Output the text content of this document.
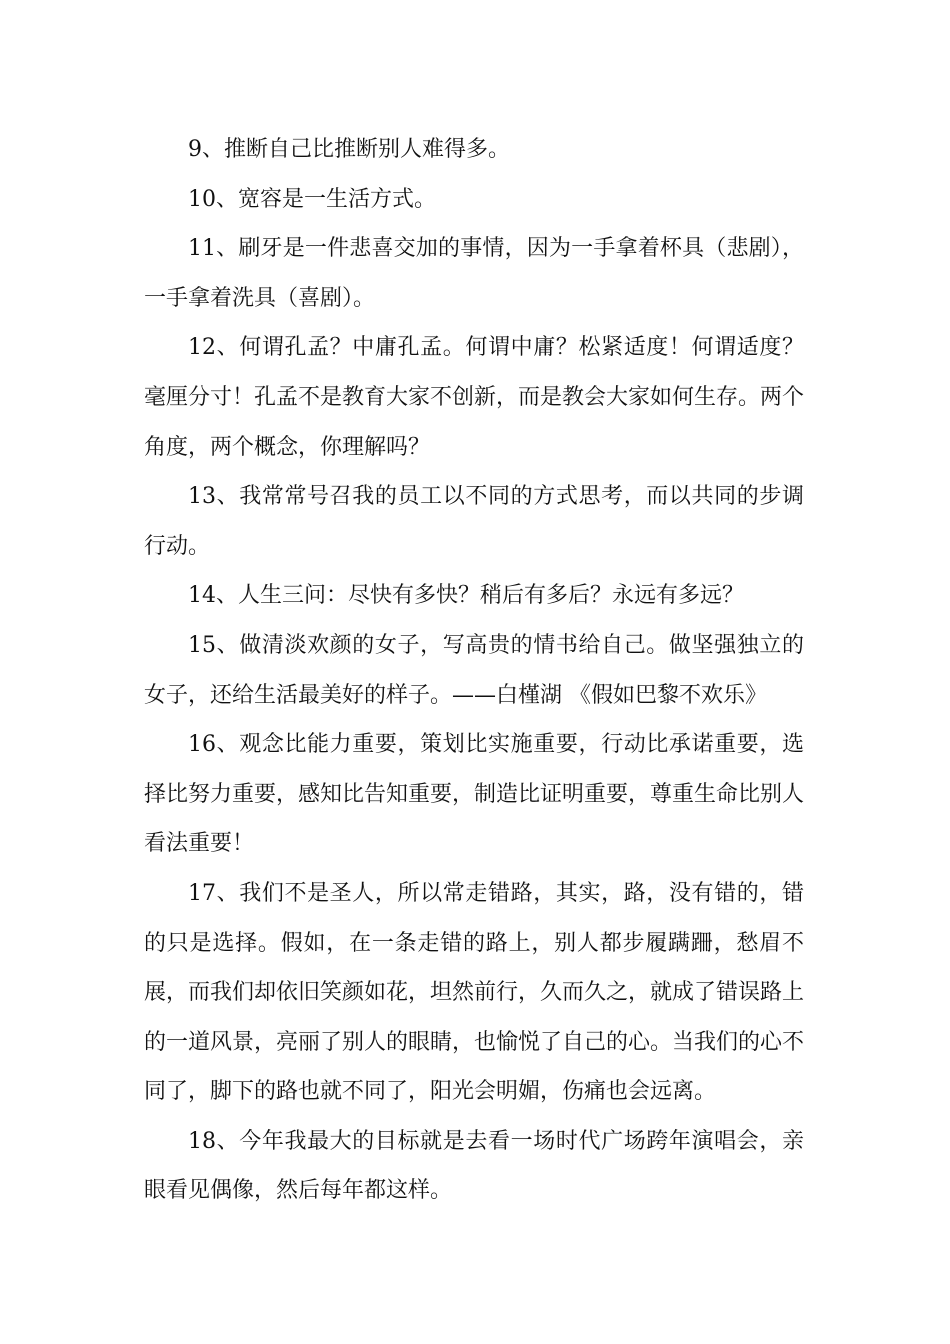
9、推断自己比推断别人难得多。

10、宽容是一生活方式。

11、刷牙是一件悲喜交加的事情，因为一手拿着杯具（悲剧），一手拿着洗具（喜剧）。

12、何谓孔孟？中庸孔孟。何谓中庸？松紧适度！何谓适度？毫厘分寸！孔孟不是教育大家不创新，而是教会大家如何生存。两个角度，两个概念，你理解吗？

13、我常常号召我的员工以不同的方式思考，而以共同的步调行动。

14、人生三问：尽快有多快？稍后有多后？永远有多远？

15、做清淡欢颜的女子，写高贵的情书给自己。做坚强独立的女子，还给生活最美好的样子。——白槿湖 《假如巴黎不欢乐》

16、观念比能力重要，策划比实施重要，行动比承诺重要，选择比努力重要，感知比告知重要，制造比证明重要，尊重生命比别人看法重要！

17、我们不是圣人，所以常走错路，其实，路，没有错的，错的只是选择。假如，在一条走错的路上，别人都步履蹒跚，愁眉不展，而我们却依旧笑颜如花，坦然前行，久而久之，就成了错误路上的一道风景，亮丽了别人的眼睛，也愉悦了自己的心。当我们的心不同了，脚下的路也就不同了，阳光会明媚，伤痛也会远离。

18、今年我最大的目标就是去看一场时代广场跨年演唱会，亲眼看见偶像，然后每年都这样。
